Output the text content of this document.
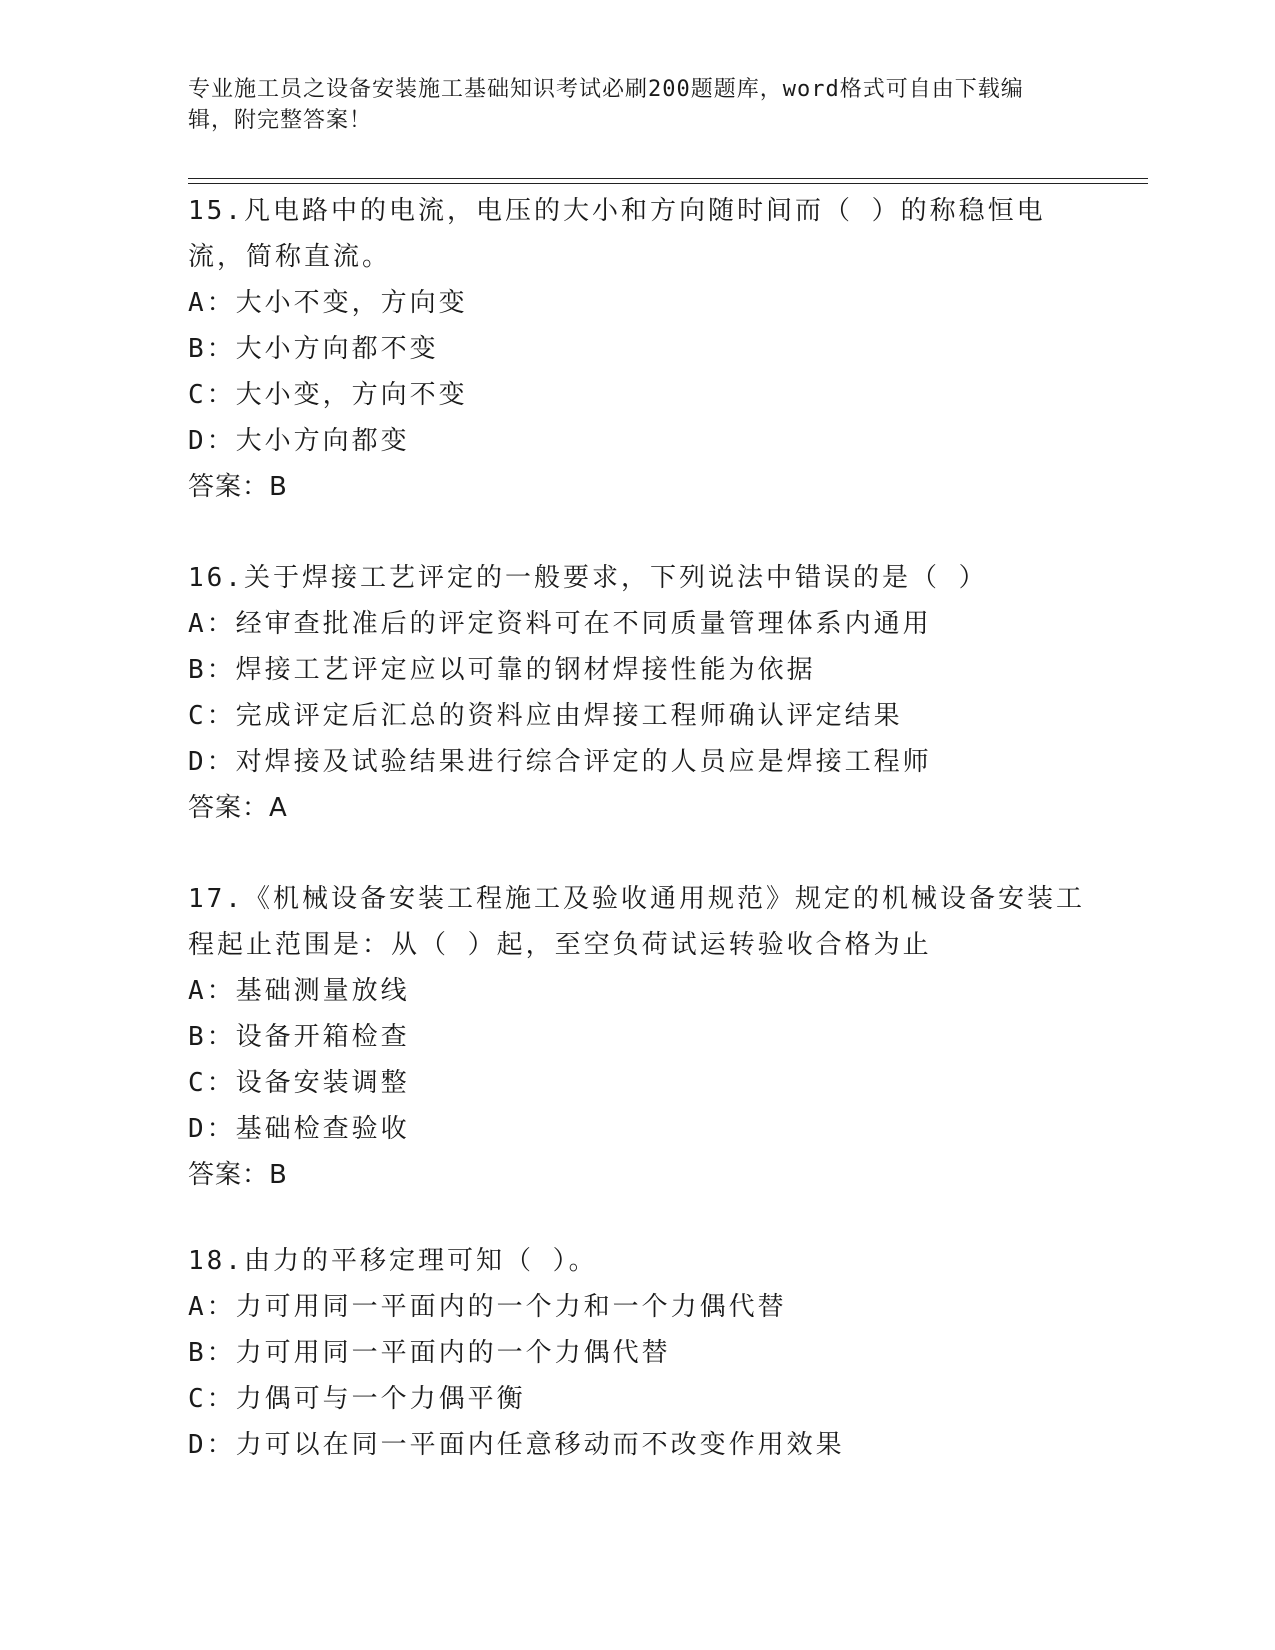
专业施工员之设备安装施工基础知识考试必刷200题题库，word格式可自由下载编辑，附完整答案！

15.凡电路中的电流，电压的大小和方向随时间而（ ）的称稳恒电流，简称直流。

A：大小不变，方向变

B：大小方向都不变

C：大小变，方向不变

D：大小方向都变

答案：B

16.关于焊接工艺评定的一般要求，下列说法中错误的是（ ）

A：经审查批准后的评定资料可在不同质量管理体系内通用

B：焊接工艺评定应以可靠的钢材焊接性能为依据

C：完成评定后汇总的资料应由焊接工程师确认评定结果

D：对焊接及试验结果进行综合评定的人员应是焊接工程师

答案：A

17.《机械设备安装工程施工及验收通用规范》规定的机械设备安装工程起止范围是：从（ ）起，至空负荷试运转验收合格为止

A：基础测量放线

B：设备开箱检查

C：设备安装调整

D：基础检查验收

答案：B

18.由力的平移定理可知（ ）。

A：力可用同一平面内的一个力和一个力偶代替

B：力可用同一平面内的一个力偶代替

C：力偶可与一个力偶平衡

D：力可以在同一平面内任意移动而不改变作用效果
